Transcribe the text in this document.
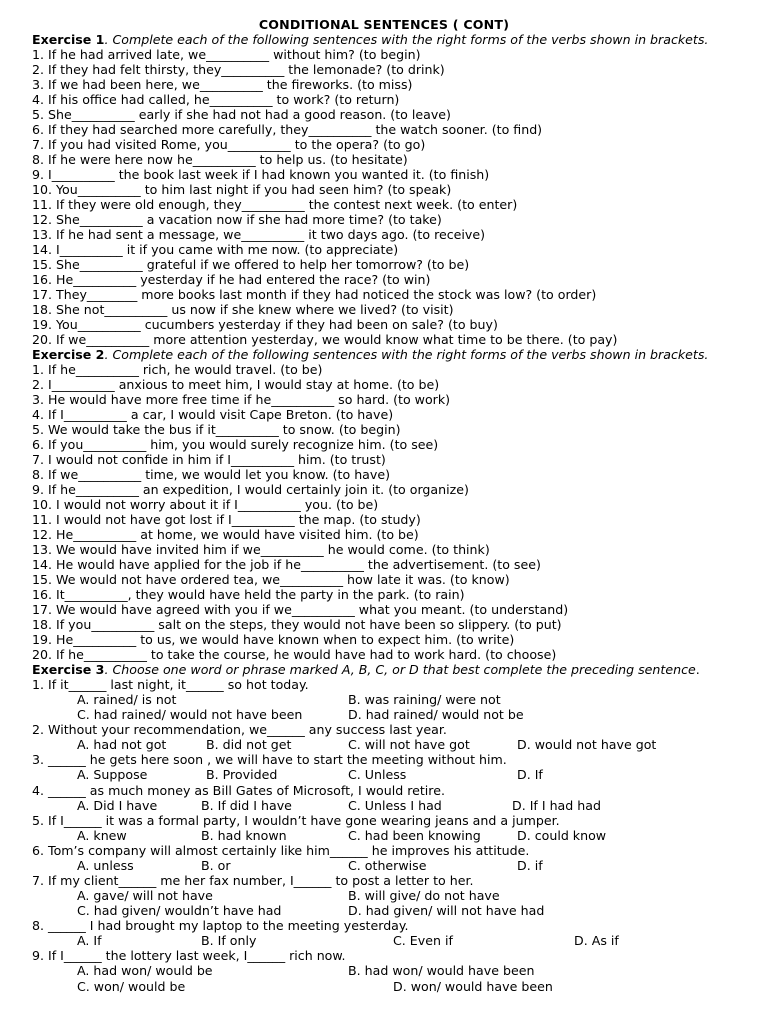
CONDITIONAL SENTENCES ( CONT)
Exercise 1. Complete each of the following sentences with the right forms of the verbs shown in brackets.
1. If he had arrived late, we__________ without him? (to begin)
2. If they had felt thirsty, they__________ the lemonade? (to drink)
3. If we had been here, we__________ the fireworks. (to miss)
4. If his office had called, he__________ to work? (to return)
5. She__________ early if she had not had a good reason. (to leave)
6. If they had searched more carefully, they__________ the watch sooner. (to find)
7. If you had visited Rome, you__________ to the opera? (to go)
8. If he were here now he__________ to help us. (to hesitate)
9. I__________ the book last week if I had known you wanted it. (to finish)
10. You__________ to him last night if you had seen him? (to speak)
11. If they were old enough, they__________ the contest next week. (to enter)
12. She__________ a vacation now if she had more time? (to take)
13. If he had sent a message, we__________ it two days ago. (to receive)
14. I__________ it if you came with me now. (to appreciate)
15. She__________ grateful if we offered to help her tomorrow? (to be)
16. He__________ yesterday if he had entered the race? (to win)
17. They________ more books last month if they had noticed the stock was low? (to order)
18. She not__________ us now if she knew where we lived? (to visit)
19. You__________ cucumbers yesterday if they had been on sale? (to buy)
20. If we__________ more attention yesterday, we would know what time to be there. (to pay)
Exercise 2. Complete each of the following sentences with the right forms of the verbs shown in brackets.
1. If he__________ rich, he would travel. (to be)
2. I__________ anxious to meet him, I would stay at home. (to be)
3. He would have more free time if he__________ so hard. (to work)
4. If I__________ a car, I would visit Cape Breton. (to have)
5. We would take the bus if it__________ to snow. (to begin)
6. If you__________ him, you would surely recognize him. (to see)
7. I would not confide in him if I__________ him. (to trust)
8. If we__________ time, we would let you know. (to have)
9. If he__________ an expedition, I would certainly join it. (to organize)
10. I would not worry about it if I__________ you. (to be)
11. I would not have got lost if I__________ the map. (to study)
12. He__________ at home, we would have visited him. (to be)
13. We would have invited him if we__________ he would come. (to think)
14. He would have applied for the job if he__________ the advertisement. (to see)
15. We would not have ordered tea, we__________ how late it was. (to know)
16. It__________, they would have held the party in the park. (to rain)
17. We would have agreed with you if we__________ what you meant. (to understand)
18. If you__________ salt on the steps, they would not have been so slippery. (to put)
19. He__________ to us, we would have known when to expect him. (to write)
20. If he__________ to take the course, he would have had to work hard. (to choose)
Exercise 3. Choose one word or phrase marked A, B, C, or D that best complete the preceding sentence.
1. If it______ last night, it______ so hot today.
A. rained/ is not	B. was raining/ were not
C. had rained/ would not have been	D. had rained/ would not be
2. Without your recommendation, we______ any success last year.
A. had not got	B. did not get	C. will not have got	D. would not have got
3. ______ he gets here soon , we will have to start the meeting without him.
A. Suppose	B. Provided	C. Unless	D. If
4. ______ as much money as Bill Gates of Microsoft, I would retire.
A. Did I have	B. If did I have	C. Unless I had	D. If I had had
5. If I______ it was a formal party, I wouldn’t have gone wearing jeans and a jumper.
A. knew	B. had known	C. had been knowing	D. could know
6. Tom’s company will almost certainly like him______ he improves his attitude.
A. unless	B. or	C. otherwise	D. if
7. If my client______ me her fax number, I______ to post a letter to her.
A. gave/ will not have	B. will give/ do not have
C. had given/ wouldn’t have had	D. had given/ will not have had
8. ______ I had brought my laptop to the meeting yesterday.
A. If	B. If only	C. Even if	D. As if
9. If I______ the lottery last week, I______ rich now.
A. had won/ would be	B. had won/ would have been
C. won/ would be	D. won/ would have been
